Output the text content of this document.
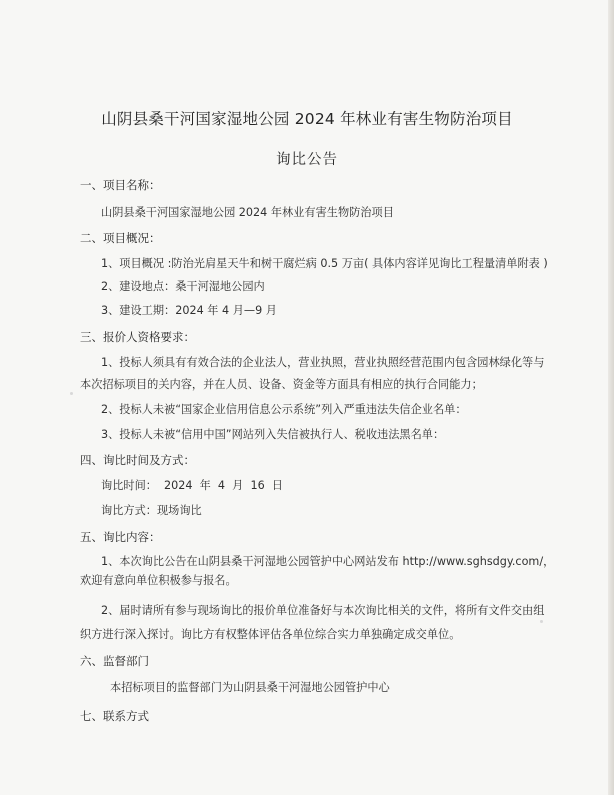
山阴县桑干河国家湿地公园 2024 年林业有害生物防治项目
询比公告
一、项目名称：
山阴县桑干河国家湿地公园 2024 年林业有害生物防治项目
二、项目概况：
1、项目概况 :防治光肩星天牛和树干腐烂病 0.5 万亩( 具体内容详见询比工程量清单附表 )
2、建设地点：桑干河湿地公园内
3、建设工期：2024 年 4 月—9 月
三、报价人资格要求：
1、投标人须具有有效合法的企业法人，营业执照，营业执照经营范围内包含园林绿化等与
本次招标项目的关内容，并在人员、设备、资金等方面具有相应的执行合同能力；
2、投标人未被“国家企业信用信息公示系统”列入严重违法失信企业名单：
3、投标人未被“信用中国”网站列入失信被执行人、税收违法黑名单：
四、询比时间及方式：
询比时间：  2024  年  4  月  16  日
询比方式：现场询比
五、询比内容：
1、本次询比公告在山阴县桑干河湿地公园管护中心网站发布 http://www.sghsdgy.com/，
欢迎有意向单位积极参与报名。
2、届时请所有参与现场询比的报价单位准备好与本次询比相关的文件，将所有文件交由组
织方进行深入探讨。询比方有权整体评估各单位综合实力单独确定成交单位。
六、监督部门
本招标项目的监督部门为山阴县桑干河湿地公园管护中心
七、联系方式
